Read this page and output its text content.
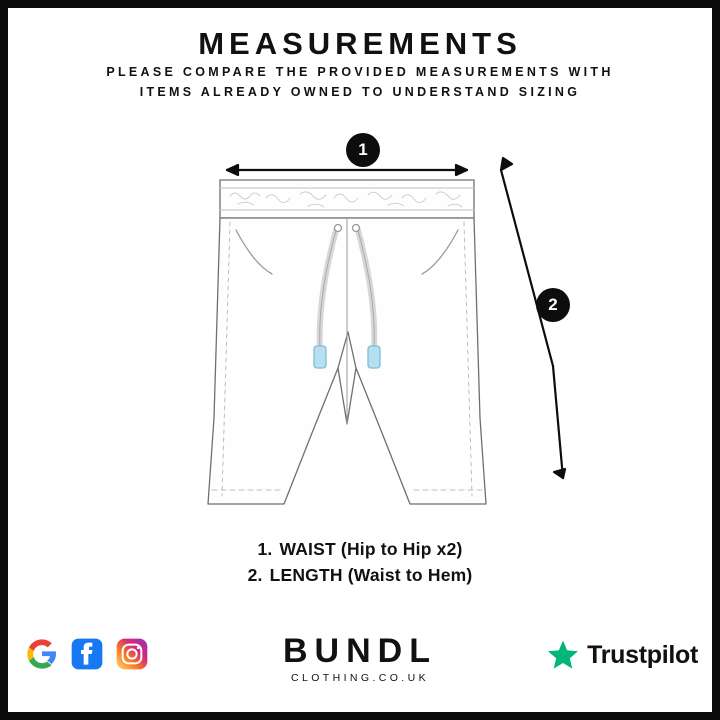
MEASUREMENTS
PLEASE COMPARE THE PROVIDED MEASUREMENTS WITH
ITEMS ALREADY OWNED TO UNDERSTAND SIZING
1
2
1. WAIST (Hip to Hip x2)
2. LENGTH (Waist to Hem)
BUNDL
CLOTHING.CO.UK
Trustpilot
